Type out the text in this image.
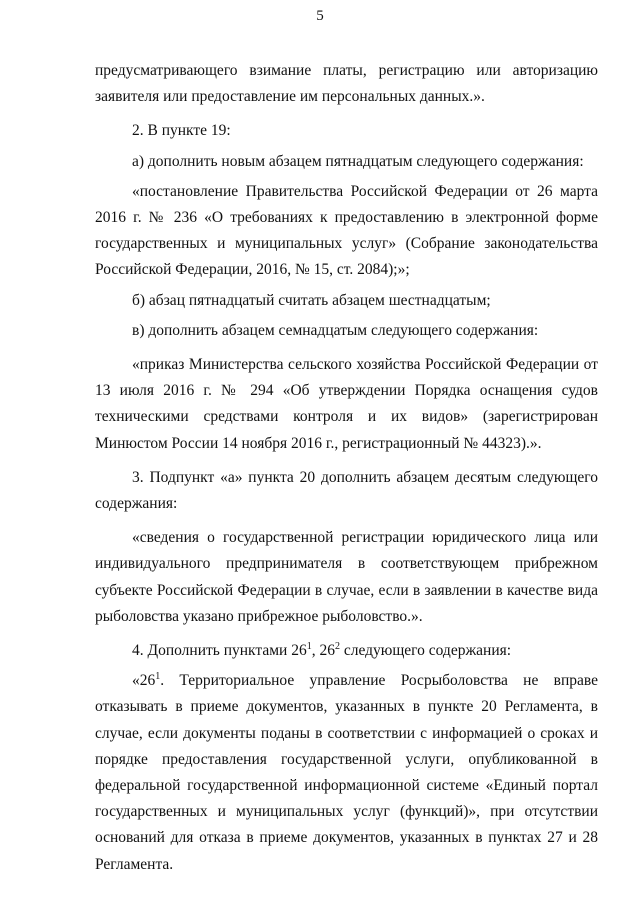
5

предусматривающего взимание платы, регистрацию или авторизацию заявителя или предоставление им персональных данных.».

2. В пункте 19:

а) дополнить новым абзацем пятнадцатым следующего содержания:

«постановление Правительства Российской Федерации от 26 марта 2016 г. № 236 «О требованиях к предоставлению в электронной форме государственных и муниципальных услуг» (Собрание законодательства Российской Федерации, 2016, № 15, ст. 2084);»;

б) абзац пятнадцатый считать абзацем шестнадцатым;

в) дополнить абзацем семнадцатым следующего содержания:

«приказ Министерства сельского хозяйства Российской Федерации от 13 июля 2016 г. № 294 «Об утверждении Порядка оснащения судов техническими средствами контроля и их видов» (зарегистрирован Минюстом России 14 ноября 2016 г., регистрационный № 44323).».

3. Подпункт «а» пункта 20 дополнить абзацем десятым следующего содержания:

«сведения о государственной регистрации юридического лица или индивидуального предпринимателя в соответствующем прибрежном субъекте Российской Федерации в случае, если в заявлении в качестве вида рыболовства указано прибрежное рыболовство.».

4. Дополнить пунктами $26^1$, $26^2$ следующего содержания:

«$26^1$. Территориальное управление Росрыболовства не вправе отказывать в приеме документов, указанных в пункте 20 Регламента, в случае, если документы поданы в соответствии с информацией о сроках и порядке предоставления государственной услуги, опубликованной в федеральной государственной информационной системе «Единый портал государственных и муниципальных услуг (функций)», при отсутствии оснований для отказа в приеме документов, указанных в пунктах 27 и 28 Регламента.
